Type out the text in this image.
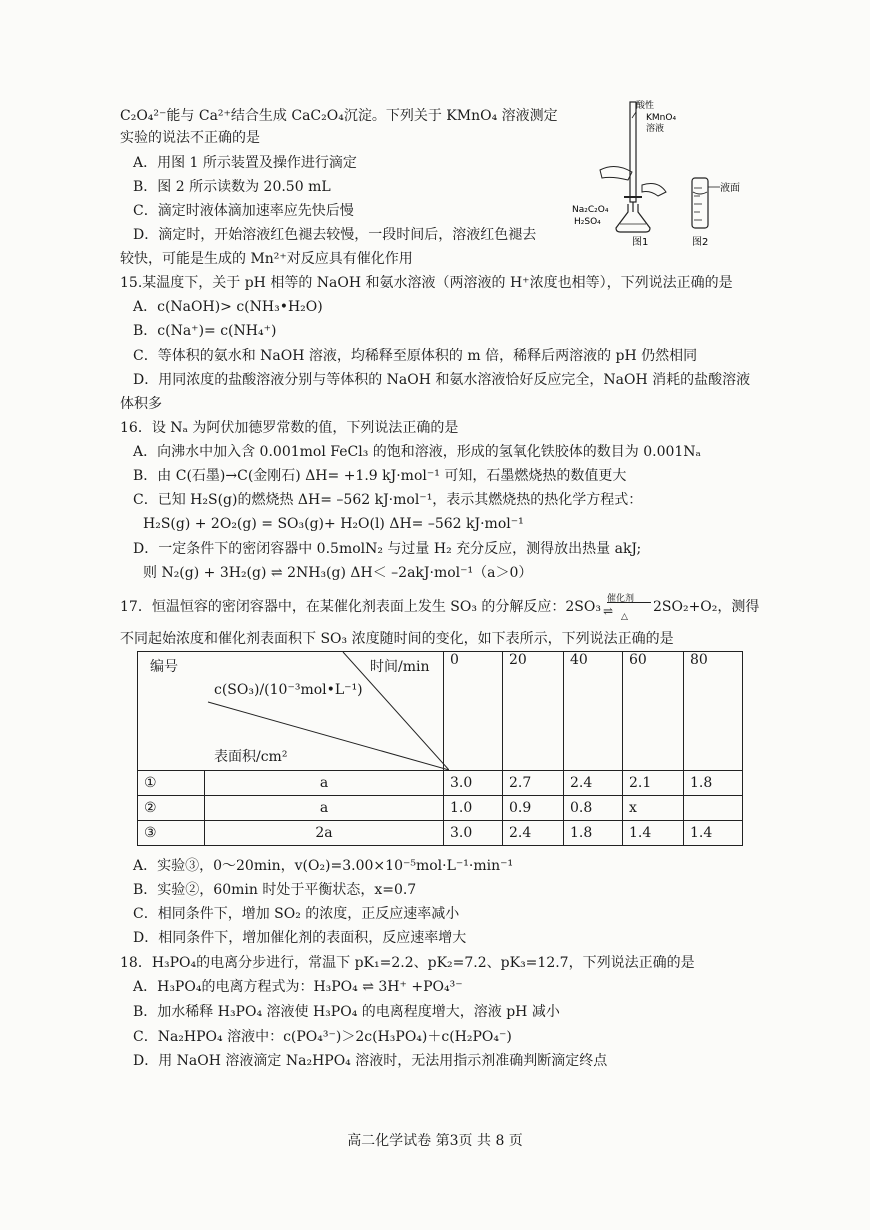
C₂O₄²⁻能与 Ca²⁺结合生成 CaC₂O₄沉淀。下列关于 KMnO₄ 溶液测定
实验的说法不正确的是
A．用图 1 所示装置及操作进行滴定
B．图 2 所示读数为 20.50 mL
C．滴定时液体滴加速率应先快后慢
D．滴定时，开始溶液红色褪去较慢，一段时间后，溶液红色褪去
较快，可能是生成的 Mn²⁺对反应具有催化作用
酸性
KMnO₄
溶液
Na₂C₂O₄
H₂SO₄
图1
液面
图2
15.某温度下，关于 pH 相等的 NaOH 和氨水溶液（两溶液的 H⁺浓度也相等），下列说法正确的是
A．c(NaOH)> c(NH₃•H₂O)
B．c(Na⁺)= c(NH₄⁺)
C．等体积的氨水和 NaOH 溶液，均稀释至原体积的 m 倍，稀释后两溶液的 pH 仍然相同
D．用同浓度的盐酸溶液分别与等体积的 NaOH 和氨水溶液恰好反应完全，NaOH 消耗的盐酸溶液
体积多
16．设 Nₐ 为阿伏加德罗常数的值，下列说法正确的是
A．向沸水中加入含 0.001mol FeCl₃ 的饱和溶液，形成的氢氧化铁胶体的数目为 0.001Nₐ
B．由 C(石墨)→C(金刚石) ΔH= +1.9 kJ·mol⁻¹ 可知，石墨燃烧热的数值更大
C．已知 H₂S(g)的燃烧热 ΔH= –562 kJ·mol⁻¹，表示其燃烧热的热化学方程式：
H₂S(g) + 2O₂(g) = SO₃(g)+ H₂O(l) ΔH= –562 kJ·mol⁻¹
D．一定条件下的密闭容器中 0.5molN₂ 与过量 H₂ 充分反应，测得放出热量 akJ;
则 N₂(g) + 3H₂(g) ⇌ 2NH₃(g) ΔH＜ –2akJ·mol⁻¹（a＞0）
17．恒温恒容的密闭容器中，在某催化剂表面上发生 SO₃ 的分解反应：2SO₃ 催化剂
⇌ △
2SO₂+O₂，测得
不同起始浓度和催化剂表面积下 SO₃ 浓度随时间的变化，如下表所示，下列说法正确的是
编号 时间/min
c(SO₃)/(10⁻³mol•L⁻¹)
表面积/cm²		0	20	40	60	80
①	a	3.0	2.7	2.4	2.1	1.8
②	a	1.0	0.9	0.8	x	
③	2a	3.0	2.4	1.8	1.4	1.4
A．实验③，0～20min，v(O₂)=3.00×10⁻⁵mol·L⁻¹·min⁻¹
B．实验②，60min 时处于平衡状态，x=0.7
C．相同条件下，增加 SO₂ 的浓度，正反应速率减小
D．相同条件下，增加催化剂的表面积，反应速率增大
18．H₃PO₄的电离分步进行，常温下 pK₁=2.2、pK₂=7.2、pK₃=12.7，下列说法正确的是
A．H₃PO₄的电离方程式为：H₃PO₄ ⇌ 3H⁺ +PO₄³⁻
B．加水稀释 H₃PO₄ 溶液使 H₃PO₄ 的电离程度增大，溶液 pH 减小
C．Na₂HPO₄ 溶液中：c(PO₄³⁻)＞2c(H₃PO₄)＋c(H₂PO₄⁻)
D．用 NaOH 溶液滴定 Na₂HPO₄ 溶液时，无法用指示剂准确判断滴定终点
高二化学试卷 第3页 共 8 页
